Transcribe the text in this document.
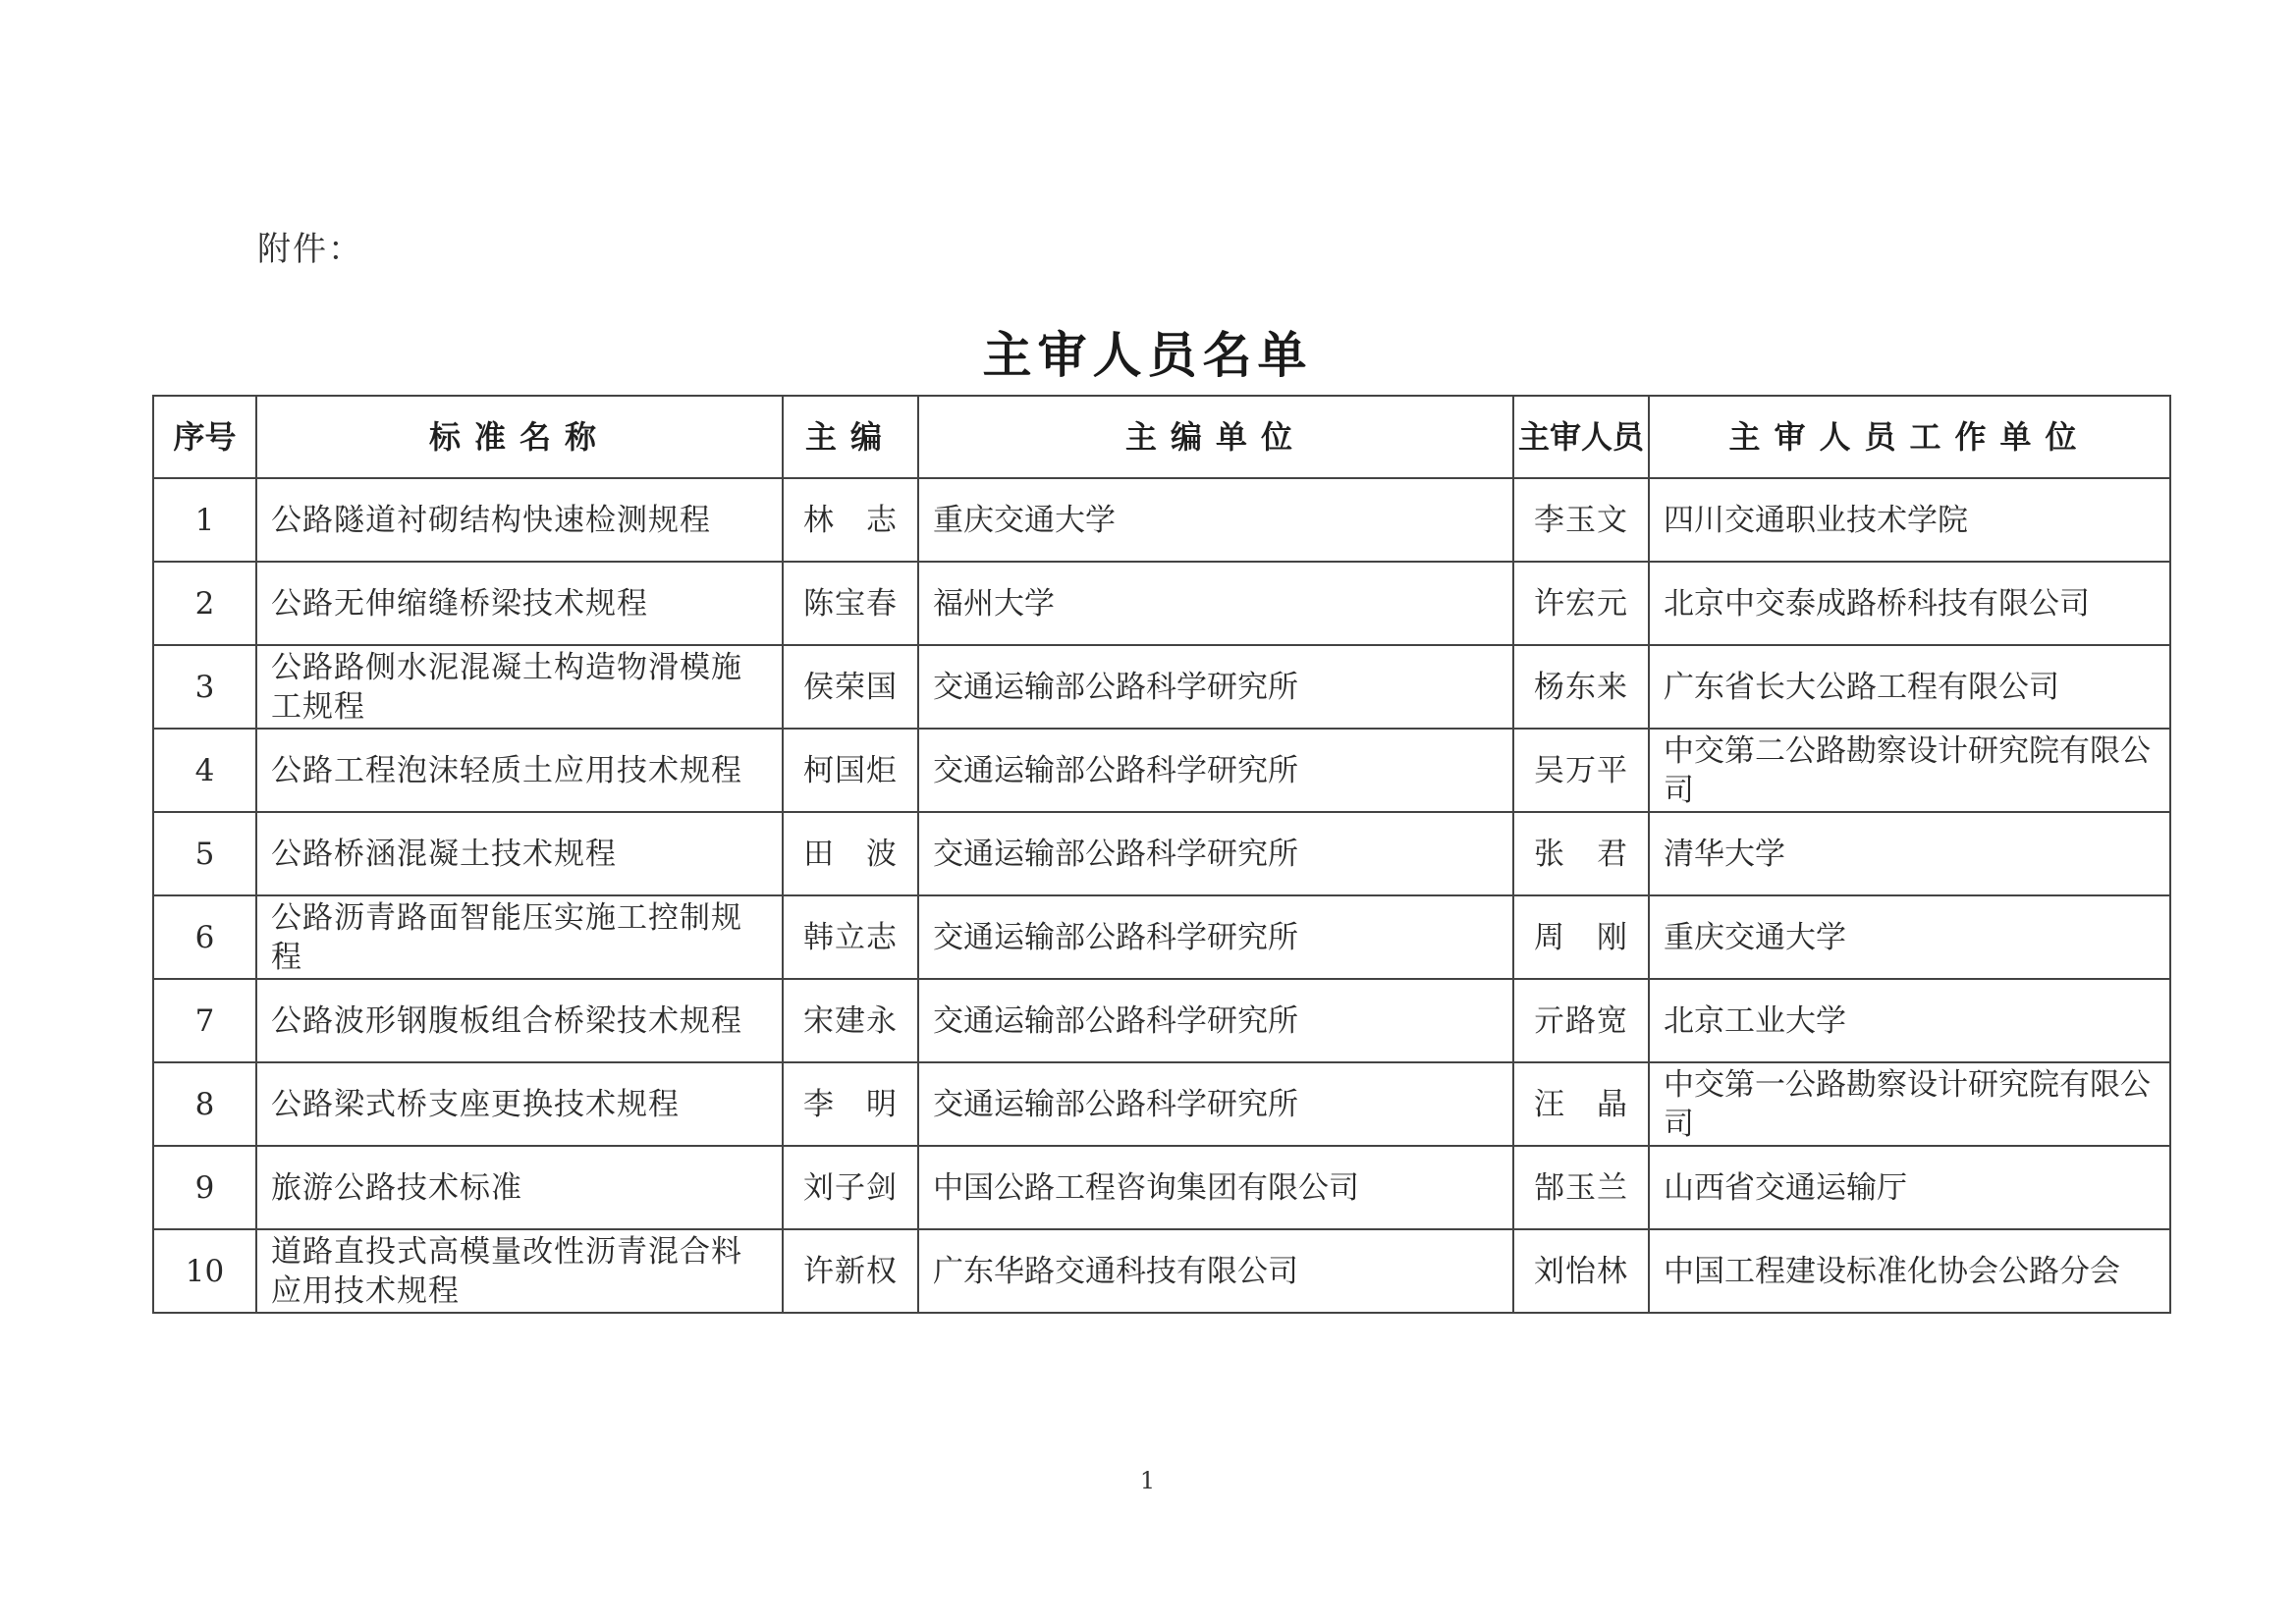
附件：
主审人员名单
序号	标准名称	主编	主编单位	主审人员	主审人员工作单位
1	公路隧道衬砌结构快速检测规程	林　志	重庆交通大学	李玉文	四川交通职业技术学院
2	公路无伸缩缝桥梁技术规程	陈宝春	福州大学	许宏元	北京中交泰成路桥科技有限公司
3	公路路侧水泥混凝土构造物滑模施工规程	侯荣国	交通运输部公路科学研究所	杨东来	广东省长大公路工程有限公司
4	公路工程泡沫轻质土应用技术规程	柯国炬	交通运输部公路科学研究所	吴万平	中交第二公路勘察设计研究院有限公司
5	公路桥涵混凝土技术规程	田　波	交通运输部公路科学研究所	张　君	清华大学
6	公路沥青路面智能压实施工控制规程	韩立志	交通运输部公路科学研究所	周　刚	重庆交通大学
7	公路波形钢腹板组合桥梁技术规程	宋建永	交通运输部公路科学研究所	亓路宽	北京工业大学
8	公路梁式桥支座更换技术规程	李　明	交通运输部公路科学研究所	汪　晶	中交第一公路勘察设计研究院有限公司
9	旅游公路技术标准	刘子剑	中国公路工程咨询集团有限公司	郜玉兰	山西省交通运输厅
10	道路直投式高模量改性沥青混合料应用技术规程	许新权	广东华路交通科技有限公司	刘怡林	中国工程建设标准化协会公路分会
1
